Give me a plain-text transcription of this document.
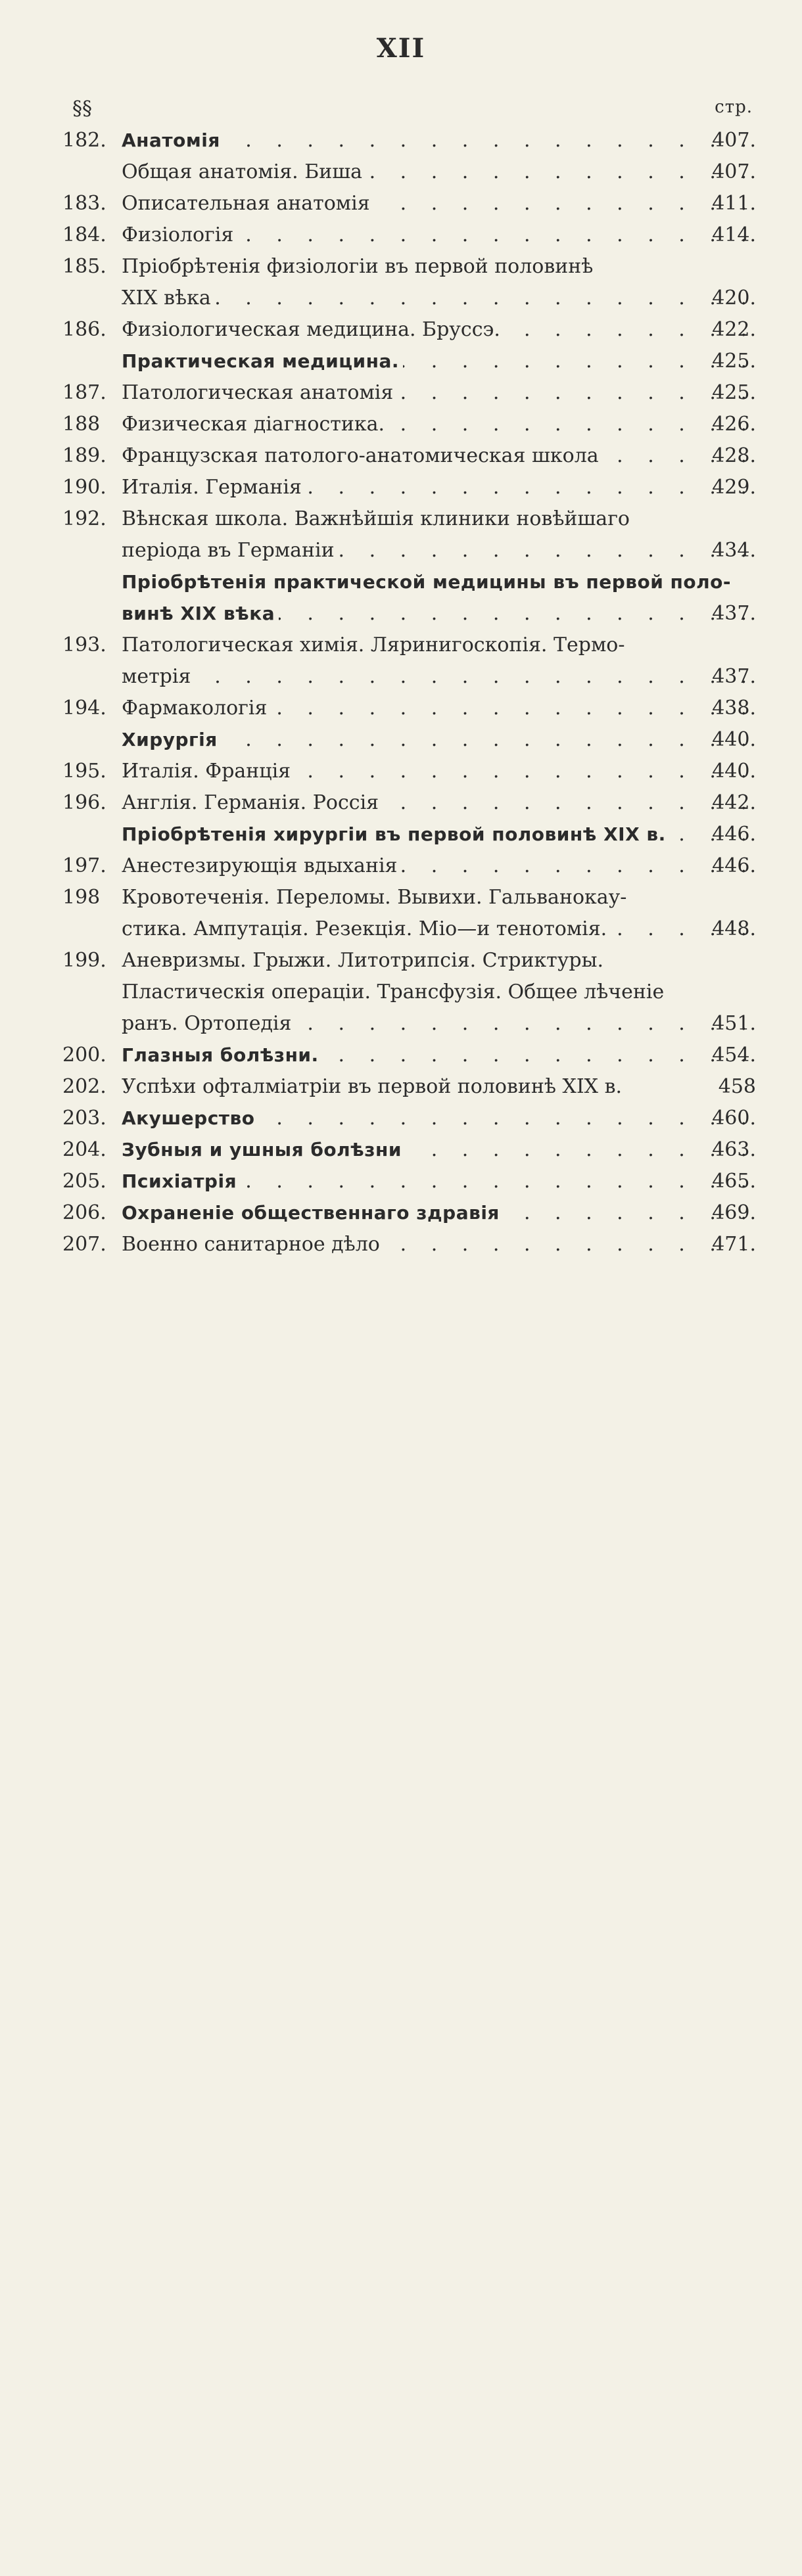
XII
§§	стр.
182. Анатомія . . .	407.
Общая анатомія. Биша . . .	407.
183. Описательная анатомія . . .	411.
184. Физіологія . . .	414.
185. Пріобрѣтенія физіологіи въ первой половинѣ
XIX вѣка . . .	420.
186. Физіологическая медицина. Бруссэ. . . .	422.
Практическая медицина. . . .	425.
187. Патологическая анатомія . . .	425.
188	Физическая діагностика. . . .	426.
189. Французская патолого-анатомическая школа . . .	428.
190. Италія. Германія . . .	429.
192. Вѣнская школа. Важнѣйшія клиники новѣйшаго
періода въ Германіи . . .	434.
Пріобрѣтенія практической медицины въ первой поло-
винѣ XIX вѣка . . .	437.
193. Патологическая химія. Ляринигоскопія. Термо-
метрія . . .	437.
194. Фармакологія . . .	438.
Хирургія . . .	440.
195. Италія. Франція . . .	440.
196. Англія. Германія. Россія . . .	442.
Пріобрѣтенія хирургіи въ первой половинѣ XIX в. . . .	446.
197. Анестезирующія вдыханія . . .	446.
198	Кровотеченія. Переломы. Вывихи. Гальванокау-
стика. Ампутація. Резекція. Міо—и тенотомія. . . .	448.
199. Аневризмы. Грыжи. Литотрипсія. Стриктуры.
Пластическія операціи. Трансфузія. Общее лѣченіе
ранъ. Ортопедія . . .	451.
200. Глазныя болѣзни. . . .	454.
202. Успѣхи офталміатріи въ первой половинѣ XIX в.	458
203. Акушерство . . .	460.
204. Зубныя и ушныя болѣзни . . .	463.
205. Психіатрія . . .	465.
206. Охраненіе общественнаго здравія . . .	469.
207. Военно санитарное дѣло . . .	471.
